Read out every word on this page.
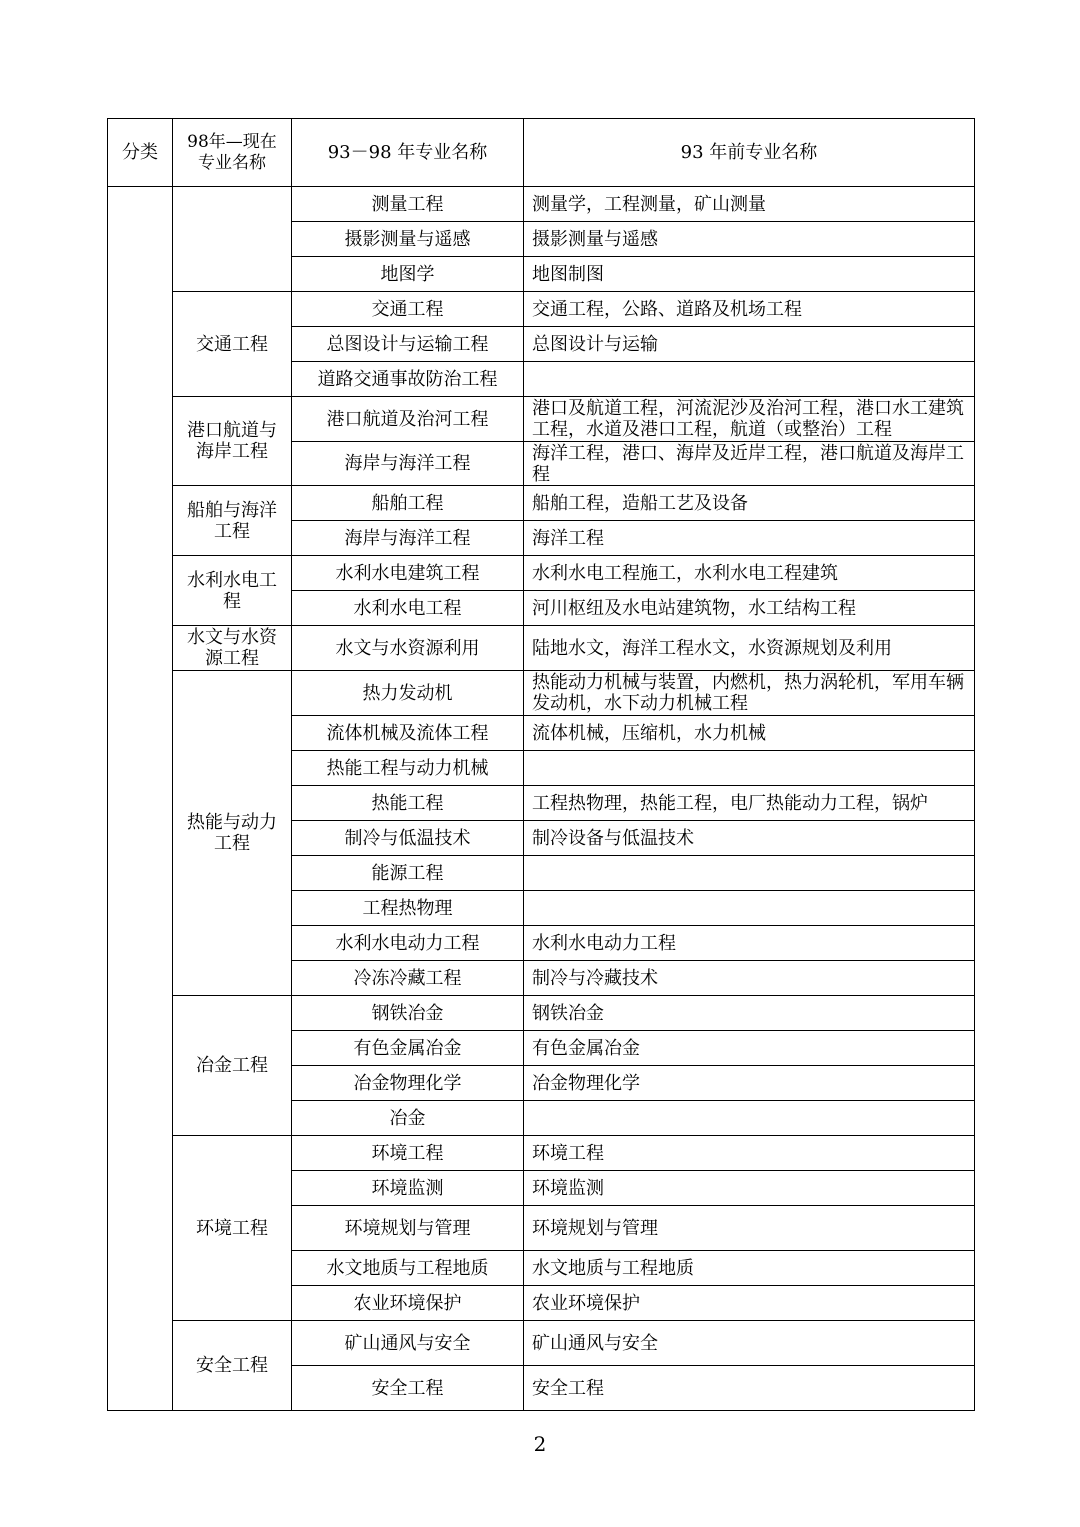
分类	98年—现在专业名称	93－98 年专业名称	93 年前专业名称
		测量工程	测量学，工程测量，矿山测量
		摄影测量与遥感	摄影测量与遥感
		地图学	地图制图
	交通工程	交通工程	交通工程，公路、道路及机场工程
		总图设计与运输工程	总图设计与运输
		道路交通事故防治工程	
	港口航道与海岸工程	港口航道及治河工程	港口及航道工程，河流泥沙及治河工程，港口水工建筑工程，水道及港口工程，航道（或整治）工程
		海岸与海洋工程	海洋工程，港口、海岸及近岸工程，港口航道及海岸工程
	船舶与海洋工程	船舶工程	船舶工程，造船工艺及设备
		海岸与海洋工程	海洋工程
	水利水电工程	水利水电建筑工程	水利水电工程施工，水利水电工程建筑
		水利水电工程	河川枢纽及水电站建筑物，水工结构工程
	水文与水资源工程	水文与水资源利用	陆地水文，海洋工程水文，水资源规划及利用
	热能与动力工程	热力发动机	热能动力机械与装置，内燃机，热力涡轮机，军用车辆发动机，水下动力机械工程
		流体机械及流体工程	流体机械，压缩机，水力机械
		热能工程与动力机械	
		热能工程	工程热物理，热能工程，电厂热能动力工程，锅炉
		制冷与低温技术	制冷设备与低温技术
		能源工程	
		工程热物理	
		水利水电动力工程	水利水电动力工程
		冷冻冷藏工程	制冷与冷藏技术
	冶金工程	钢铁冶金	钢铁冶金
		有色金属冶金	有色金属冶金
		冶金物理化学	冶金物理化学
		冶金	
	环境工程	环境工程	环境工程
		环境监测	环境监测
		环境规划与管理	环境规划与管理
		水文地质与工程地质	水文地质与工程地质
		农业环境保护	农业环境保护
	安全工程	矿山通风与安全	矿山通风与安全
		安全工程	安全工程
2
